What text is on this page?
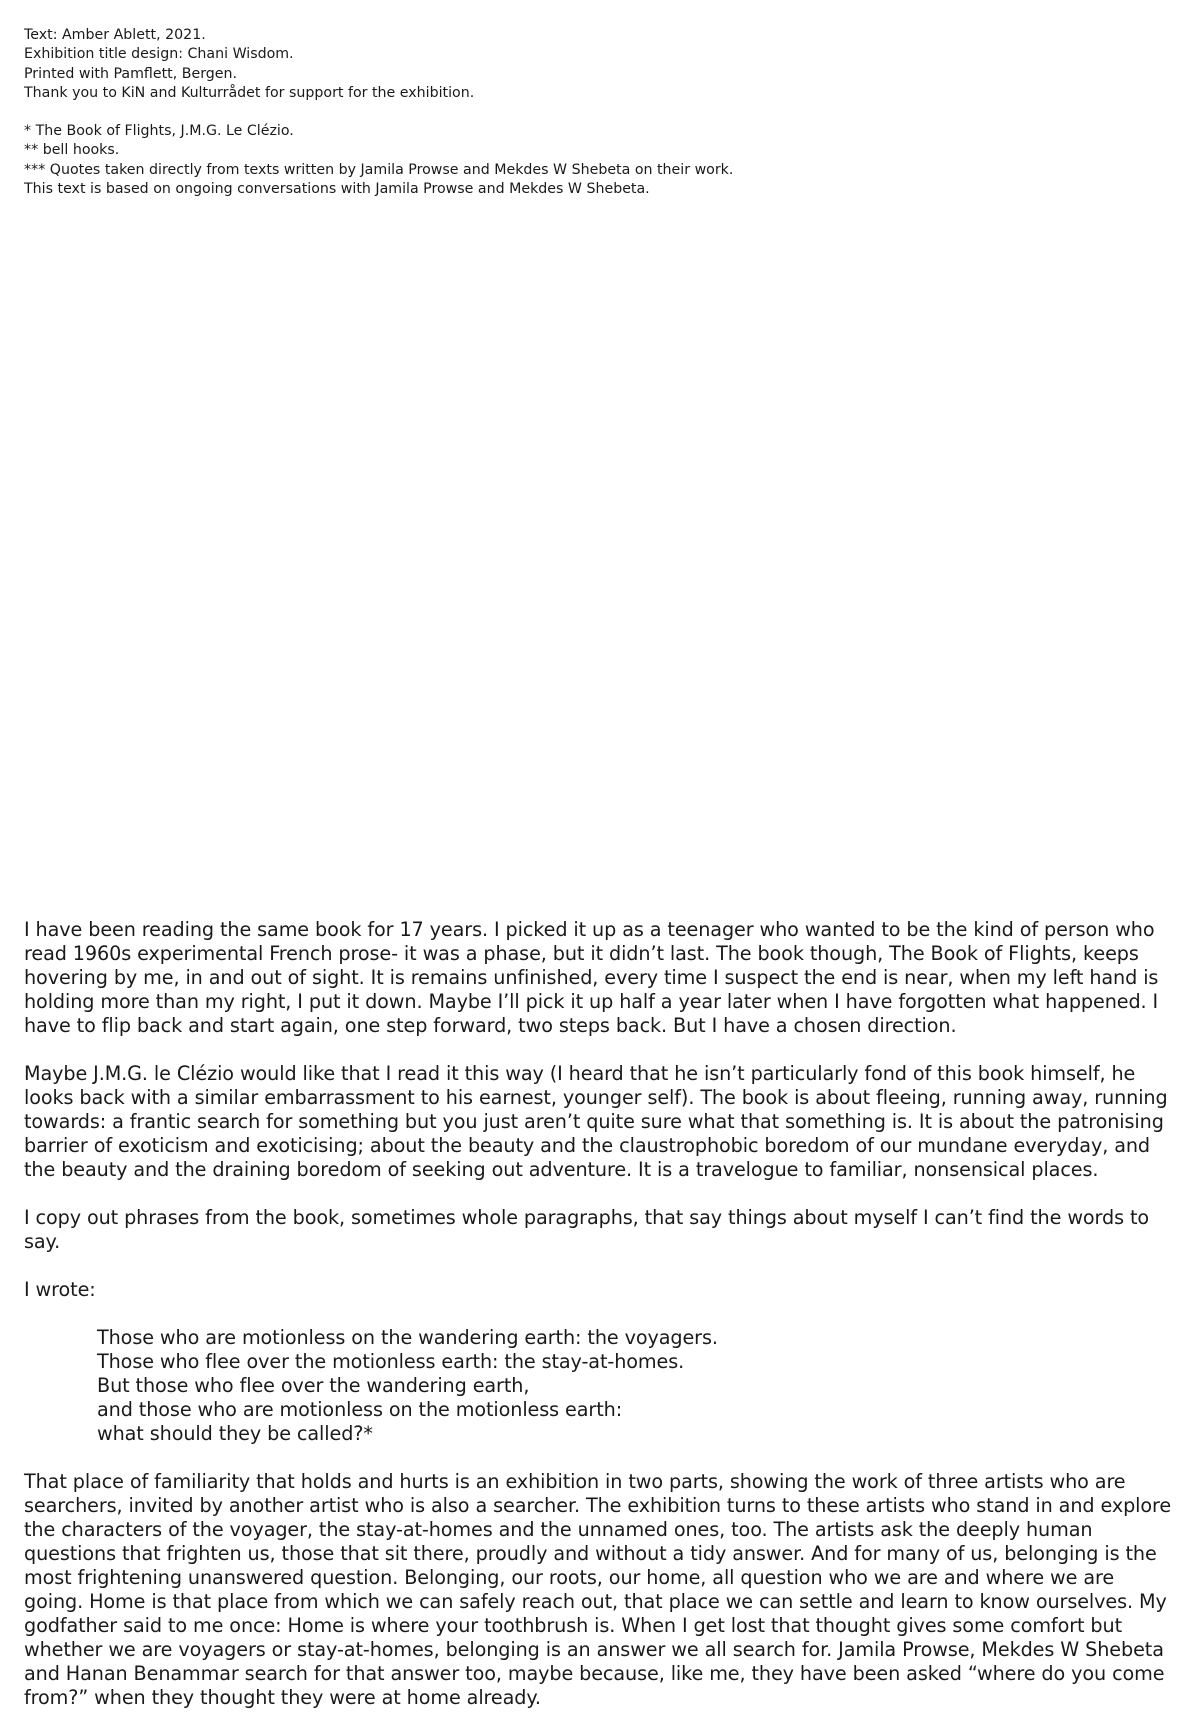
Text: Amber Ablett, 2021.

Exhibition title design: Chani Wisdom.

Printed with Pamflett, Bergen.

Thank you to KiN and Kulturrådet for support for the exhibition.

* The Book of Flights, J.M.G. Le Clézio.

** bell hooks.

*** Quotes taken directly from texts written by Jamila Prowse and Mekdes W Shebeta on their work.

This text is based on ongoing conversations with Jamila Prowse and Mekdes W Shebeta.

I have been reading the same book for 17 years. I picked it up as a teenager who wanted to be the kind of person who read 1960s experimental French prose- it was a phase, but it didn’t last. The book though, The Book of Flights, keeps hovering by me, in and out of sight. It is remains unfinished, every time I suspect the end is near, when my left hand is holding more than my right, I put it down. Maybe I’ll pick it up half a year later when I have forgotten what happened. I have to flip back and start again, one step forward, two steps back. But I have a chosen direction.

Maybe J.M.G. le Clézio would like that I read it this way (I heard that he isn’t particularly fond of this book himself, he looks back with a similar embarrassment to his earnest, younger self). The book is about fleeing, running away, running towards: a frantic search for something but you just aren’t quite sure what that something is. It is about the patronising barrier of exoticism and exoticising; about the beauty and the claustrophobic boredom of our mundane everyday, and the beauty and the draining boredom of seeking out adventure. It is a travelogue to familiar, nonsensical places.

I copy out phrases from the book, sometimes whole paragraphs, that say things about myself I can’t find the words to say.

I wrote:

Those who are motionless on the wandering earth: the voyagers.
Those who flee over the motionless earth: the stay-at-homes.
But those who flee over the wandering earth,
and those who are motionless on the motionless earth:
what should they be called?*

That place of familiarity that holds and hurts is an exhibition in two parts, showing the work of three artists who are searchers, invited by another artist who is also a searcher. The exhibition turns to these artists who stand in and explore the characters of the voyager, the stay-at-homes and the unnamed ones, too. The artists ask the deeply human questions that frighten us, those that sit there, proudly and without a tidy answer. And for many of us, belonging is the most frightening unanswered question. Belonging, our roots, our home, all question who we are and where we are going. Home is that place from which we can safely reach out, that place we can settle and learn to know ourselves. My godfather said to me once: Home is where your toothbrush is. When I get lost that thought gives some comfort but whether we are voyagers or stay-at-homes, belonging is an answer we all search for. Jamila Prowse, Mekdes W Shebeta and Hanan Benammar search for that answer too, maybe because, like me, they have been asked “where do you come from?” when they thought they were at home already.
